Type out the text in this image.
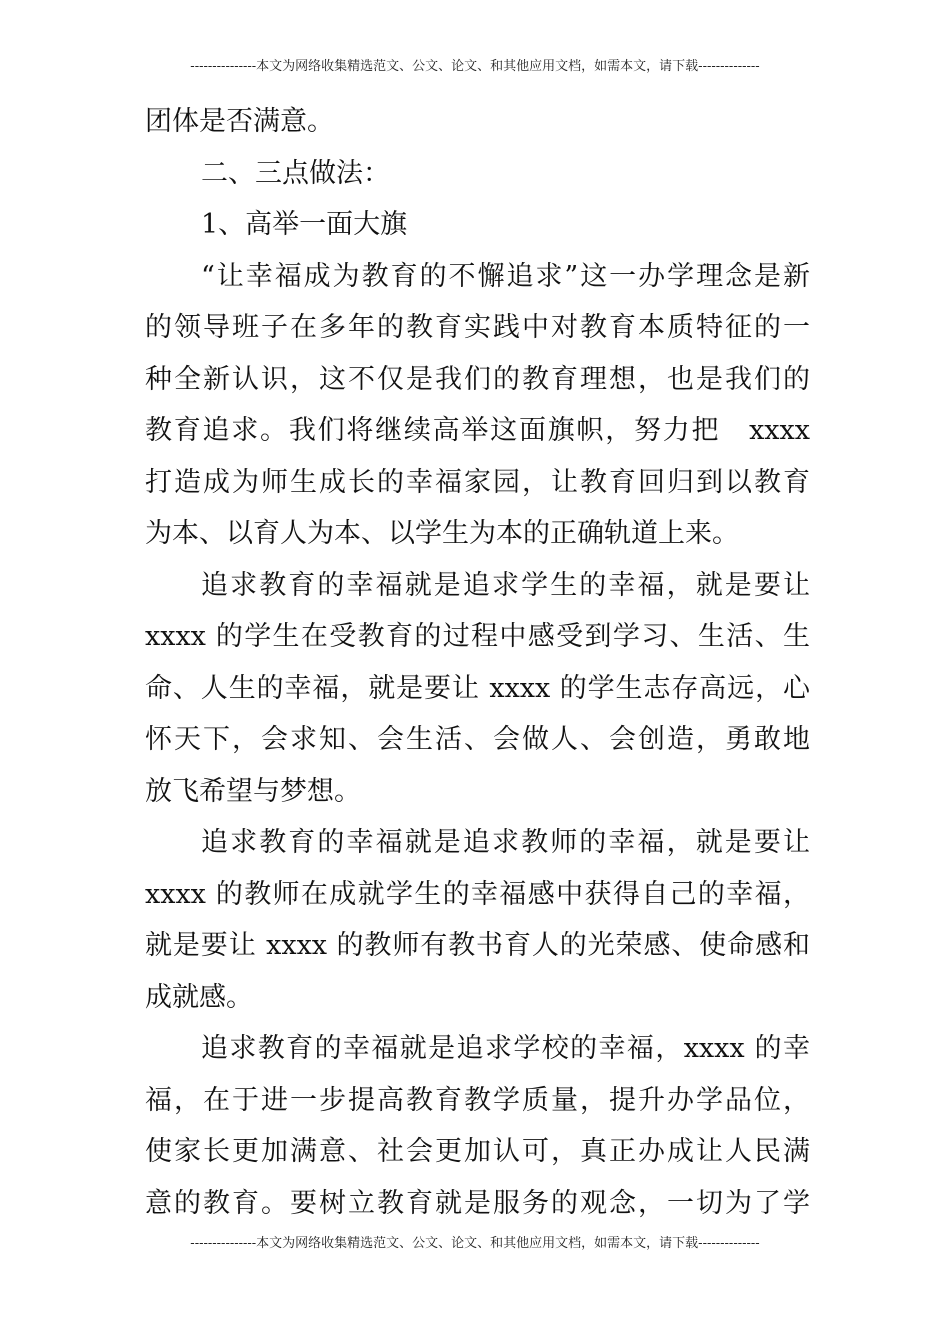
---------------本文为网络收集精选范文、公文、论文、和其他应用文档，如需本文，请下载--------------
团体是否满意。
二、三点做法：
1、高举一面大旗
“让幸福成为教育的不懈追求”这一办学理念是新
的领导班子在多年的教育实践中对教育本质特征的一
种全新认识，这不仅是我们的教育理想，也是我们的
教育追求。我们将继续高举这面旗帜，努力把　xxxx
打造成为师生成长的幸福家园，让教育回归到以教育
为本、以育人为本、以学生为本的正确轨道上来。
追求教育的幸福就是追求学生的幸福，就是要让
xxxx 的学生在受教育的过程中感受到学习、生活、生
命、人生的幸福，就是要让 xxxx 的学生志存高远，心
怀天下，会求知、会生活、会做人、会创造，勇敢地
放飞希望与梦想。
追求教育的幸福就是追求教师的幸福，就是要让
xxxx 的教师在成就学生的幸福感中获得自己的幸福，
就是要让 xxxx 的教师有教书育人的光荣感、使命感和
成就感。
追求教育的幸福就是追求学校的幸福，xxxx 的幸
福，在于进一步提高教育教学质量，提升办学品位，
使家长更加满意、社会更加认可，真正办成让人民满
意的教育。要树立教育就是服务的观念，一切为了学
---------------本文为网络收集精选范文、公文、论文、和其他应用文档，如需本文，请下载--------------
